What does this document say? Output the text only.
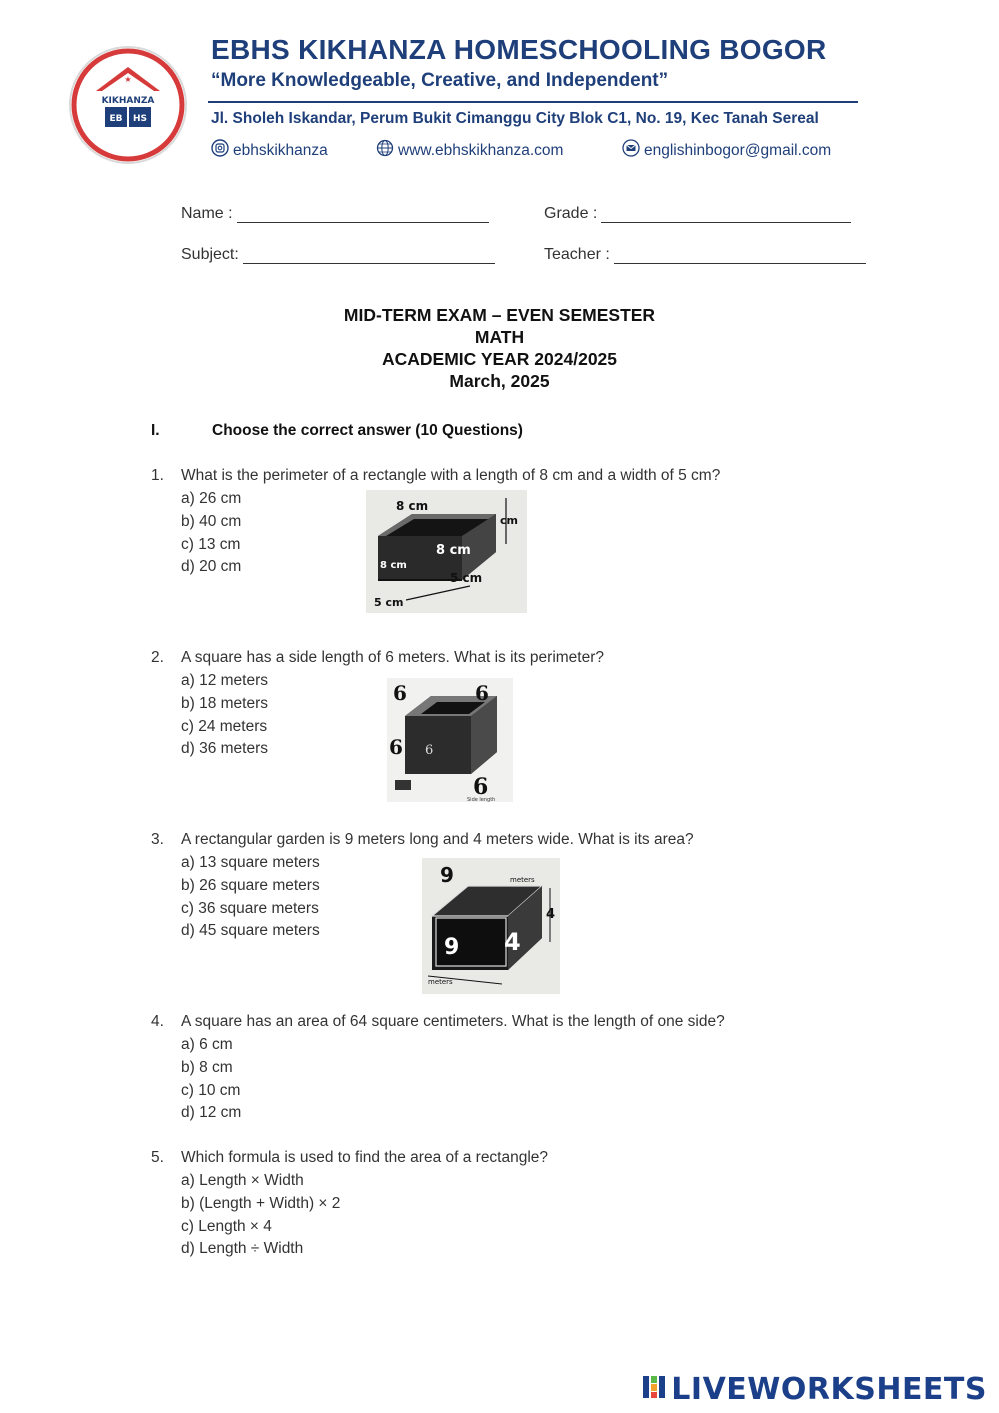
★
KIKHANZA
EB HS
EBHS KIKHANZA HOMESCHOOLING BOGOR
“More Knowledgeable, Creative, and Independent”
Jl. Sholeh Iskandar, Perum Bukit Cimanggu City Blok C1, No. 19, Kec Tanah Sereal
ebhskikhanza	www.ebhskikhanza.com	englishinbogor@gmail.com
Name :	Grade :
Subject:	Teacher :
MID-TERM EXAM – EVEN SEMESTER
MATH
ACADEMIC YEAR 2024/2025
March, 2025
I.	Choose the correct answer (10 Questions)
1. What is the perimeter of a rectangle with a length of 8 cm and a width of 5 cm?
a) 26 cm
b) 40 cm
c) 13 cm
d) 20 cm
8 cm
8 cm
8 cm
5 cm
5 cm
cm
2. A square has a side length of 6 meters. What is its perimeter?
a) 12 meters
b) 18 meters
c) 24 meters
d) 36 meters
6	6
6 6
6
Side length
3. A rectangular garden is 9 meters long and 4 meters wide. What is its area?
a) 13 square meters
b) 26 square meters
c) 36 square meters
d) 45 square meters
9
9 4
4
meters
meters
4. A square has an area of 64 square centimeters. What is the length of one side?
a) 6 cm
b) 8 cm
c) 10 cm
d) 12 cm
5. Which formula is used to find the area of a rectangle?
a) Length × Width
b) (Length + Width) × 2
c) Length × 4
d) Length ÷ Width
LIVEWORKSHEETS
